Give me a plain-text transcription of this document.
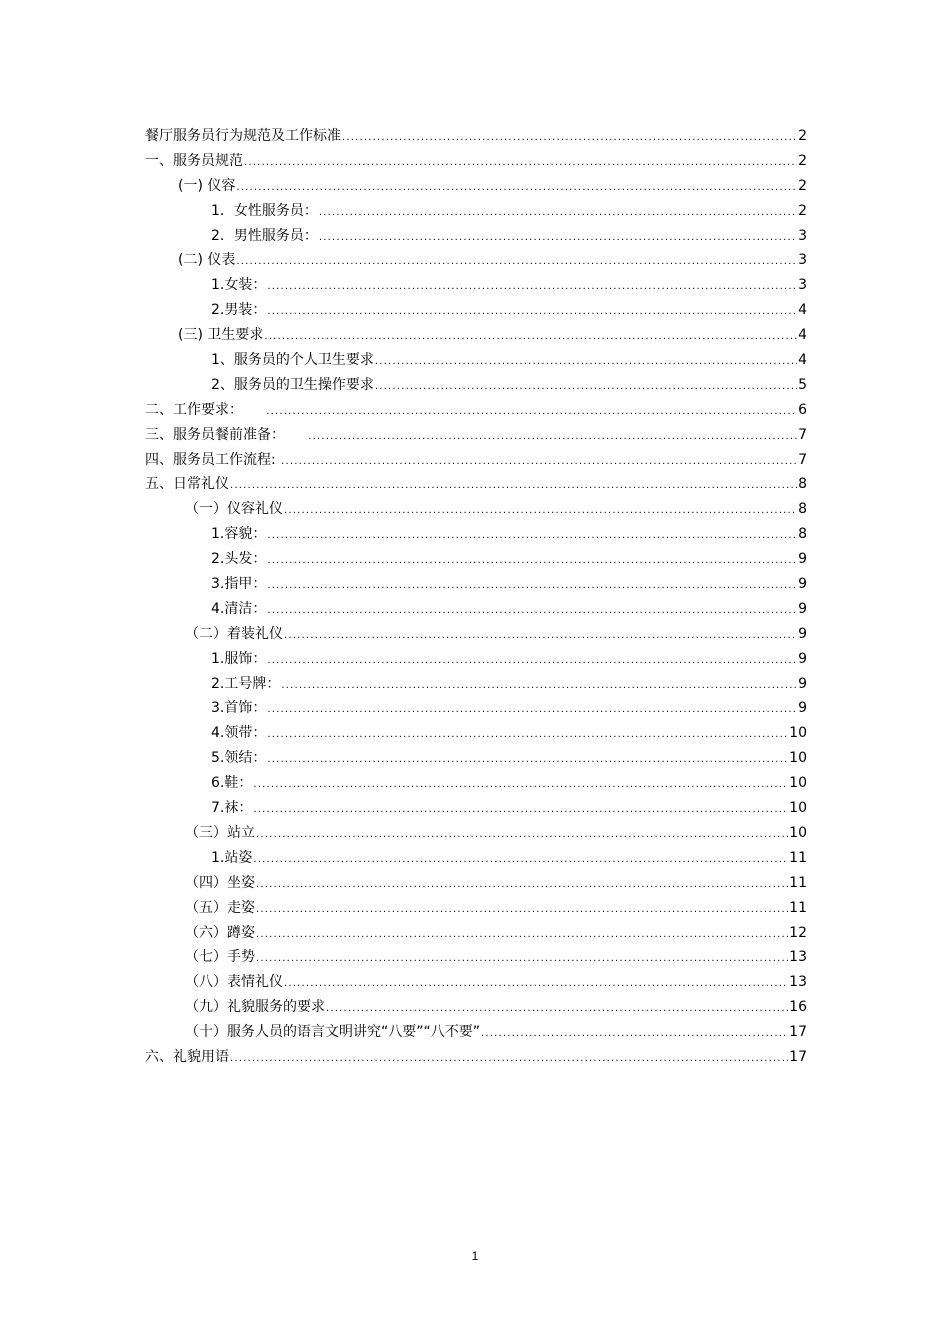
餐厅服务员行为规范及工作标准 .....	2
一、服务员规范 .....	2
(一) 仪容 .....	2
1．女性服务员： .....	2
2．男性服务员： .....	3
(二) 仪表 .....	3
1.女装： .....	3
2.男装： .....	4
(三) 卫生要求 .....	4
1、服务员的个人卫生要求 .....	4
2、服务员的卫生操作要求 .....	5
二、工作要求： .....	6
三、服务员餐前准备： .....	7
四、服务员工作流程: .....	7
五、日常礼仪 .....	8
（一）仪容礼仪 .....	8
1.容貌： .....	8
2.头发： .....	9
3.指甲： .....	9
4.清洁： .....	9
（二）着装礼仪 .....	9
1.服饰： .....	9
2.工号牌： .....	9
3.首饰： .....	9
4.领带： .....	10
5.领结： .....	10
6.鞋： .....	10
7.袜： .....	10
（三）站立 .....	10
1.站姿 .....	11
（四）坐姿 .....	11
（五）走姿 .....	11
（六）蹲姿 .....	12
（七）手势 .....	13
（八）表情礼仪 .....	13
（九）礼貌服务的要求 .....	16
（十）服务人员的语言文明讲究“八要”“八不要” .....	17
六、礼貌用语 .....	17
1
